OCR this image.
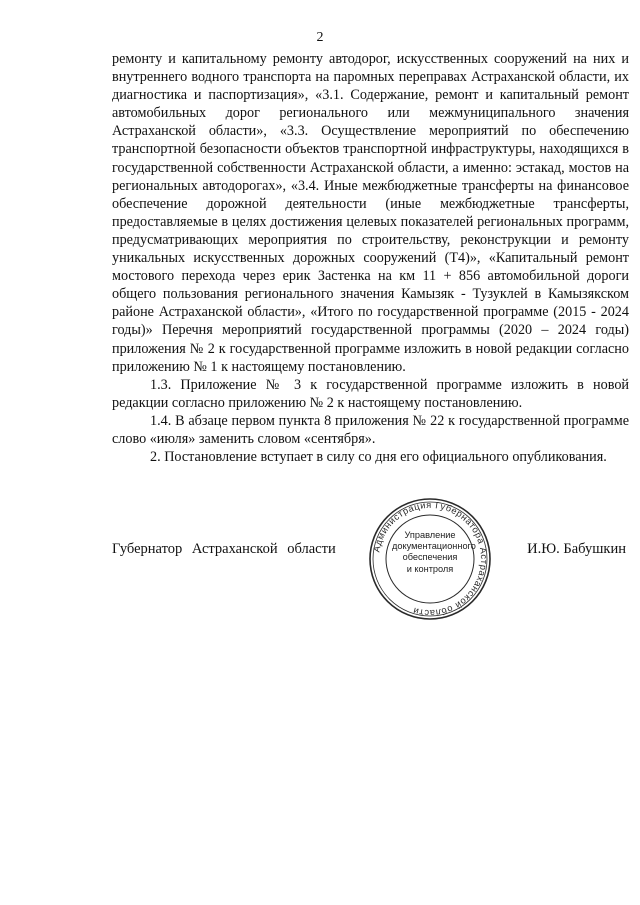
2

ремонту и капитальному ремонту автодорог, искусственных сооружений на них и внутреннего водного транспорта на паромных переправах Астраханской области, их диагностика и паспортизация», «3.1. Содержание, ремонт и капитальный ремонт автомобильных дорог регионального или межмуниципального значения Астраханской области», «3.3. Осуществление мероприятий по обеспечению транспортной безопасности объектов транспортной инфраструктуры, находящихся в государственной собственности Астраханской области, а именно: эстакад, мостов на региональных автодорогах», «3.4. Иные межбюджетные трансферты на финансовое обеспечение дорожной деятельности (иные межбюджетные трансферты, предоставляемые в целях достижения целевых показателей региональных программ, предусматривающих мероприятия по строительству, реконструкции и ремонту уникальных искусственных дорожных сооружений (Т4)», «Капитальный ремонт мостового перехода через ерик Застенка на км 11 + 856 автомобильной дороги общего пользования регионального значения Камызяк - Тузуклей в Камызякском районе Астраханской области», «Итого по государственной программе (2015 - 2024 годы)» Перечня мероприятий государственной программы (2020 – 2024 годы) приложения № 2 к государственной программе изложить в новой редакции согласно приложению № 1 к настоящему постановлению.

1.3. Приложение № 3 к государственной программе изложить в новой редакции согласно приложению № 2 к настоящему постановлению.

1.4. В абзаце первом пункта 8 приложения № 22 к государственной программе слово «июля» заменить словом «сентября».

2. Постановление вступает в силу со дня его официального опубликования.

Губернатор Астраханской области	И.Ю. Бабушкин
Администрация Губернатора Астраханской области
Управление
документационного
обеспечения
и контроля
